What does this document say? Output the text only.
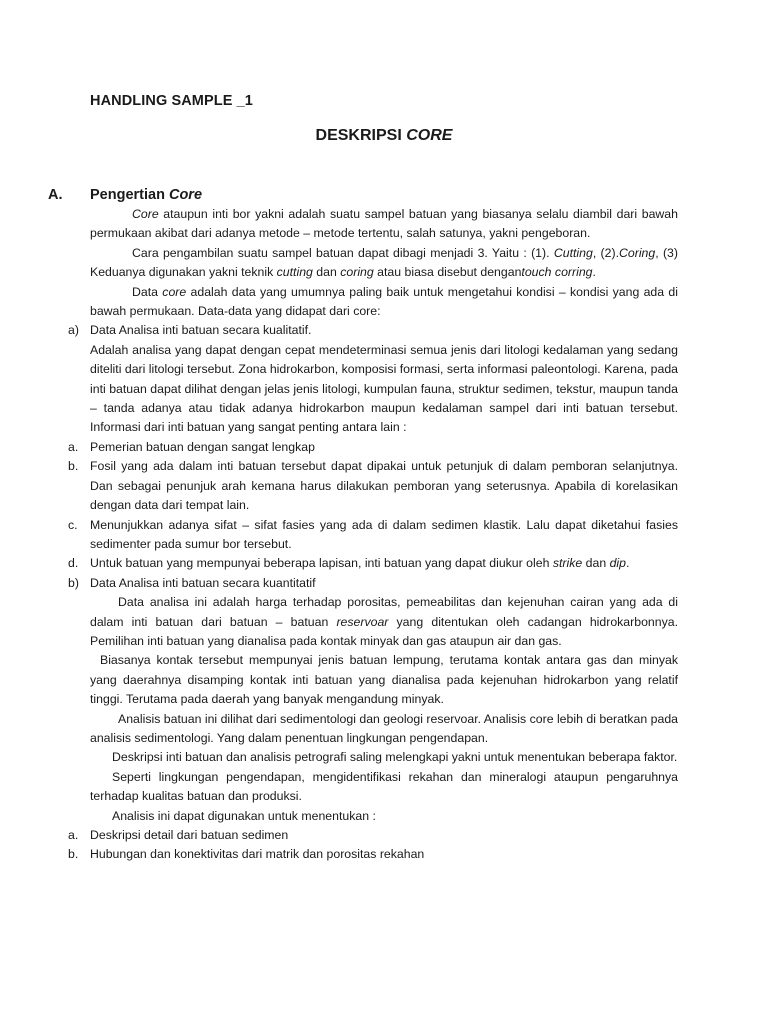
HANDLING SAMPLE _1
DESKRIPSI CORE
A. Pengertian Core

Core ataupun inti bor yakni adalah suatu sampel batuan yang biasanya selalu diambil dari bawah permukaan akibat dari adanya metode – metode tertentu, salah satunya, yakni pengeboran.

Cara pengambilan suatu sampel batuan dapat dibagi menjadi 3. Yaitu : (1). Cutting, (2).Coring, (3) Keduanya digunakan yakni teknik cutting dan coring atau biasa disebut dengantouch corring.

Data core adalah data yang umumnya paling baik untuk mengetahui kondisi – kondisi yang ada di bawah permukaan. Data-data yang didapat dari core:

a) Data Analisa inti batuan secara kualitatif.

Adalah analisa yang dapat dengan cepat mendeterminasi semua jenis dari litologi kedalaman yang sedang diteliti dari litologi tersebut. Zona hidrokarbon, komposisi formasi, serta informasi paleontologi. Karena, pada inti batuan dapat dilihat dengan jelas jenis litologi, kumpulan fauna, struktur sedimen, tekstur, maupun tanda – tanda adanya atau tidak adanya hidrokarbon maupun kedalaman sampel dari inti batuan tersebut. Informasi dari inti batuan yang sangat penting antara lain :

a. Pemerian batuan dengan sangat lengkap
b. Fosil yang ada dalam inti batuan tersebut dapat dipakai untuk petunjuk di dalam pemboran selanjutnya. Dan sebagai penunjuk arah kemana harus dilakukan pemboran yang seterusnya. Apabila di korelasikan dengan data dari tempat lain.
c. Menunjukkan adanya sifat – sifat fasies yang ada di dalam sedimen klastik. Lalu dapat diketahui fasies sedimenter pada sumur bor tersebut.
d. Untuk batuan yang mempunyai beberapa lapisan, inti batuan yang dapat diukur oleh strike dan dip.
b) Data Analisa inti batuan secara kuantitatif

Data analisa ini adalah harga terhadap porositas, pemeabilitas dan kejenuhan cairan yang ada di dalam inti batuan dari batuan – batuan reservoar yang ditentukan oleh cadangan hidrokarbonnya. Pemilihan inti batuan yang dianalisa pada kontak minyak dan gas ataupun air dan gas.

Biasanya kontak tersebut mempunyai jenis batuan lempung, terutama kontak antara gas dan minyak yang daerahnya disamping kontak inti batuan yang dianalisa pada kejenuhan hidrokarbon yang relatif tinggi. Terutama pada daerah yang banyak mengandung minyak.

Analisis batuan ini dilihat dari sedimentologi dan geologi reservoar. Analisis core lebih di beratkan pada analisis sedimentologi. Yang dalam penentuan lingkungan pengendapan.

Deskripsi inti batuan dan analisis petrografi saling melengkapi yakni untuk menentukan beberapa faktor.

Seperti lingkungan pengendapan, mengidentifikasi rekahan dan mineralogi ataupun pengaruhnya terhadap kualitas batuan dan produksi.

Analisis ini dapat digunakan untuk menentukan :

a. Deskripsi detail dari batuan sedimen
b. Hubungan dan konektivitas dari matrik dan porositas rekahan
